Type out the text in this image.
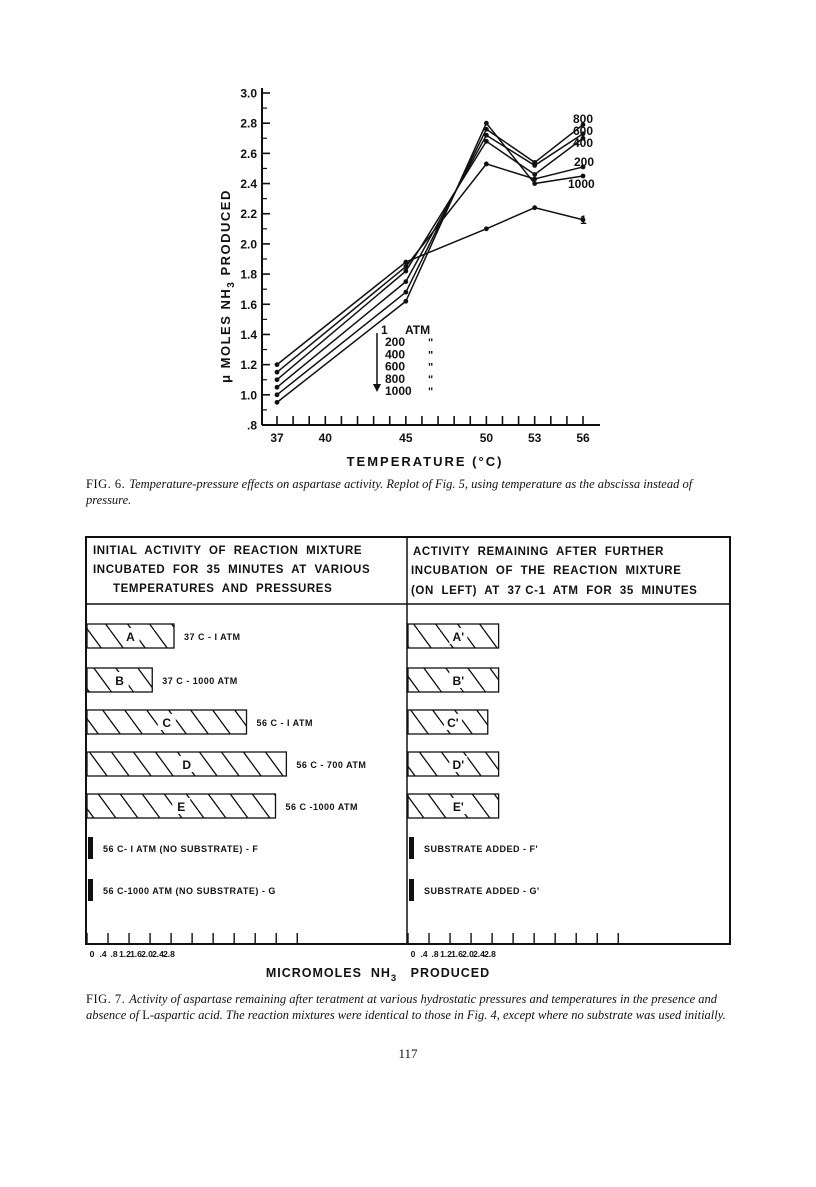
3.0
2.8
2.6
2.4
2.2
2.0
1.8
1.6
1.4
1.2
1.0
.8
37	40	45	50	53	56
800
600
400
200
1000
1
μ MOLES $NH_3$ PRODUCED
TEMPERATURE (°C)
ATM
1
200 "
400 "
600 "
800 "
1000 "
INITIAL  ACTIVITY  OF  REACTION  MIXTURE
INCUBATED  FOR  35  MINUTES  AT  VARIOUS
TEMPERATURES  AND  PRESSURES
ACTIVITY  REMAINING  AFTER  FURTHER
INCUBATION  OF  THE  REACTION  MIXTURE
(ON  LEFT)  AT  37 C-1  ATM  FOR  35  MINUTES
A	37 C - I ATM
B	37 C - 1000 ATM
C	56 C - I ATM
D	56 C - 700 ATM
E	56 C -1000 ATM
56 C- I ATM (NO SUBSTRATE) - F
56 C-1000 ATM (NO SUBSTRATE) - G
A'
B'
C'
D'
E'
SUBSTRATE ADDED - F'
SUBSTRATE ADDED - G'
0 .4 .8 1.2 1.6 2.0 2.4 2.8	0 .4 .8 1.2 1.6 2.0 2.4 2.8
MICROMOLES  $NH_3$   PRODUCED
FIG. 6. Temperature-pressure effects on aspartase activity. Replot of Fig. 5, using temperature as the abscissa instead of pressure.
FIG. 7. Activity of aspartase remaining after teratment at various hydrostatic pressures and temperatures in the presence and absence of L-aspartic acid. The reaction mixtures were identical to those in Fig. 4, except where no substrate was used initially.
117
